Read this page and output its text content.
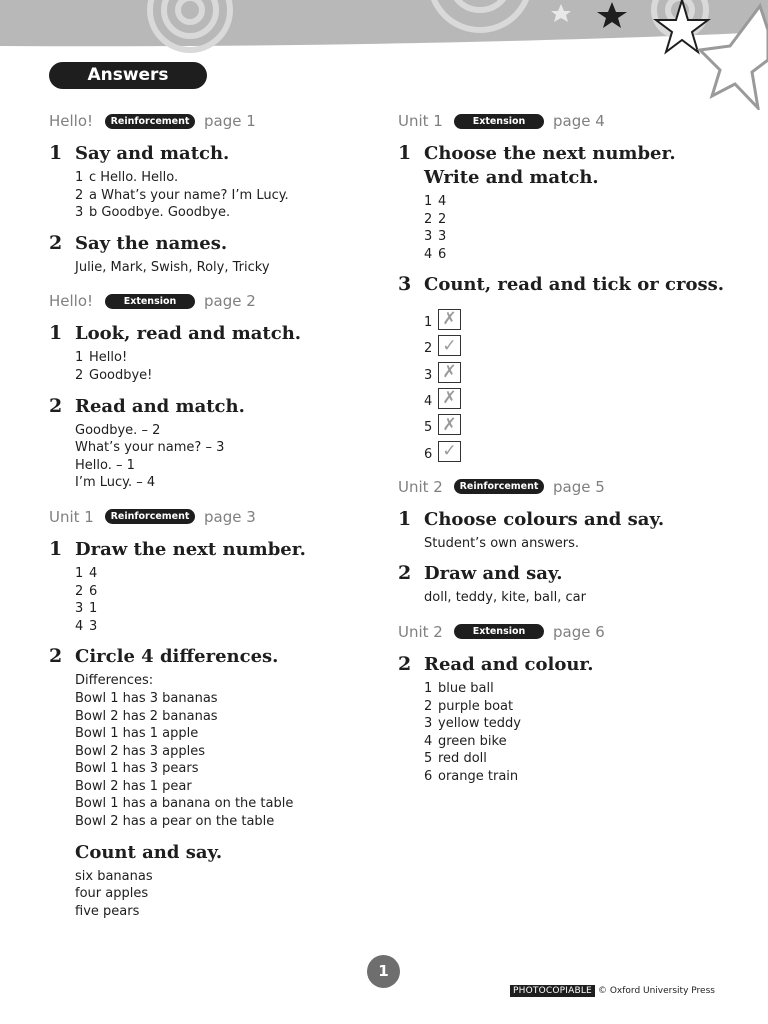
Answers
Hello!	Reinforcement page 1
1 Say and match.
1 c Hello. Hello.
2 a What’s your name? I’m Lucy.
3 b Goodbye. Goodbye.
2 Say the names.
Julie, Mark, Swish, Roly, Tricky
Hello!	Extension	page 2
1 Look, read and match.
1 Hello!
2 Goodbye!
2 Read and match.
Goodbye. – 2
What’s your name? – 3
Hello. – 1
I’m Lucy. – 4
Unit 1	Reinforcement page 3
1 Draw the next number.
1 4
2 6
3 1
4 3
2 Circle 4 differences.
Differences:
Bowl 1 has 3 bananas
Bowl 2 has 2 bananas
Bowl 1 has 1 apple
Bowl 2 has 3 apples
Bowl 1 has 3 pears
Bowl 2 has 1 pear
Bowl 1 has a banana on the table
Bowl 2 has a pear on the table
Count and say.
six bananas
four apples
five pears
Unit 1	Extension	page 4
1 Choose the next number.
Write and match.
1 4
2 2
3 3
4 6
3 Count, read and tick or cross.
1 ✗
2 ✓
3 ✗
4 ✗
5 ✗
6 ✓
Unit 2	Reinforcement page 5
1 Choose colours and say.
Student’s own answers.
2 Draw and say.
doll, teddy, kite, ball, car
Unit 2	Extension	page 6
2 Read and colour.
1 blue ball
2 purple boat
3 yellow teddy
4 green bike
5 red doll
6 orange train
1
PHOTOCOPIABLE © Oxford University Press
